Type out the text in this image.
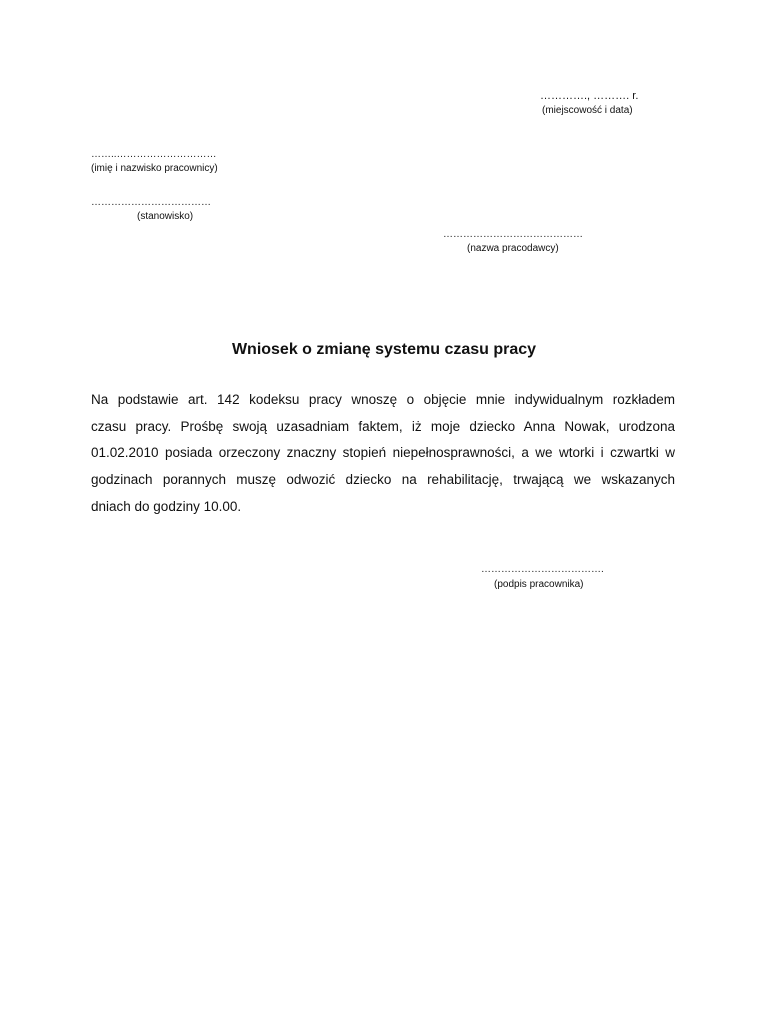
…………., ………. r.
(miejscowość i data)
……..…………………………
(imię i nazwisko pracownicy)
………………………………
(stanowisko)
……………………………………
(nazwa pracodawcy)
Wniosek o zmianę systemu czasu pracy
Na podstawie art. 142 kodeksu pracy wnoszę o objęcie mnie indywidualnym rozkładem
czasu pracy. Prośbę swoją uzasadniam faktem, iż moje dziecko Anna Nowak, urodzona
01.02.2010 posiada orzeczony znaczny stopień niepełnosprawności, a we wtorki i czwartki w
godzinach porannych muszę odwozić dziecko na rehabilitację, trwającą we wskazanych
dniach do godziny 10.00.
……………………………….
(podpis pracownika)
